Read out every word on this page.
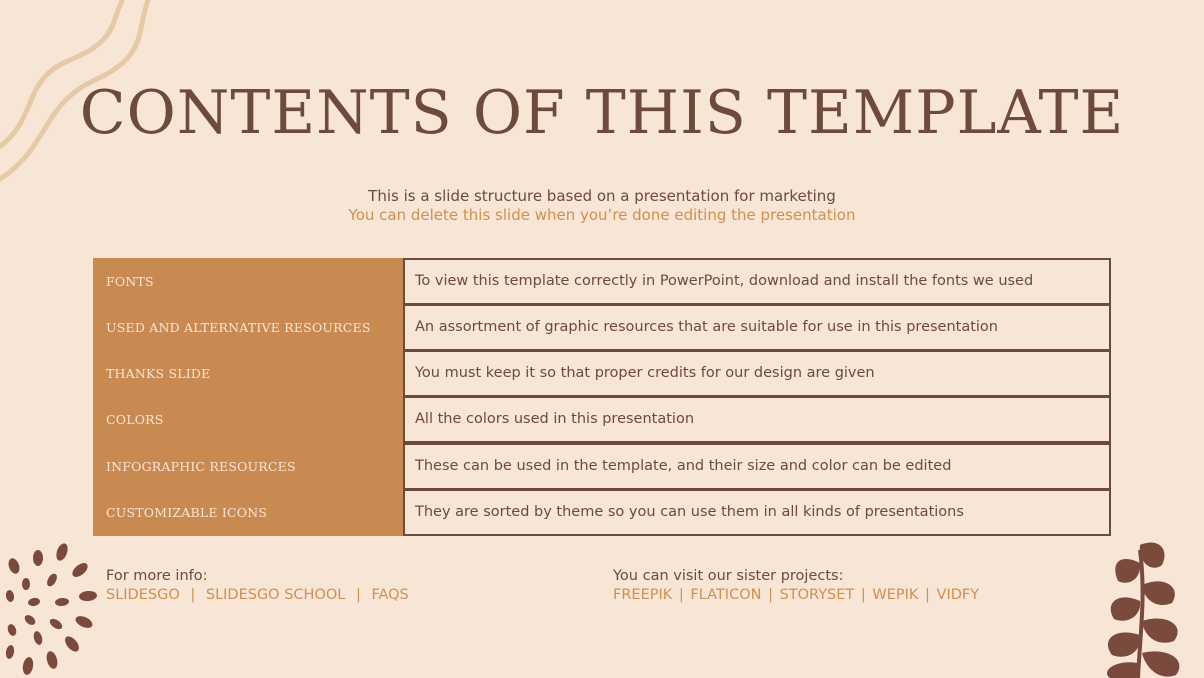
CONTENTS OF THIS TEMPLATE
This is a slide structure based on a presentation for marketing
You can delete this slide when you’re done editing the presentation
FONTS	To view this template correctly in PowerPoint, download and install the fonts we used
USED AND ALTERNATIVE RESOURCES	An assortment of graphic resources that are suitable for use in this presentation
THANKS SLIDE	You must keep it so that proper credits for our design are given
COLORS	All the colors used in this presentation
INFOGRAPHIC RESOURCES	These can be used in the template, and their size and color can be edited
CUSTOMIZABLE ICONS	They are sorted by theme so you can use them in all kinds of presentations
For more info:
SLIDESGO | SLIDESGO SCHOOL | FAQS
You can visit our sister projects:
FREEPIK | FLATICON | STORYSET | WEPIK | VIDFY
